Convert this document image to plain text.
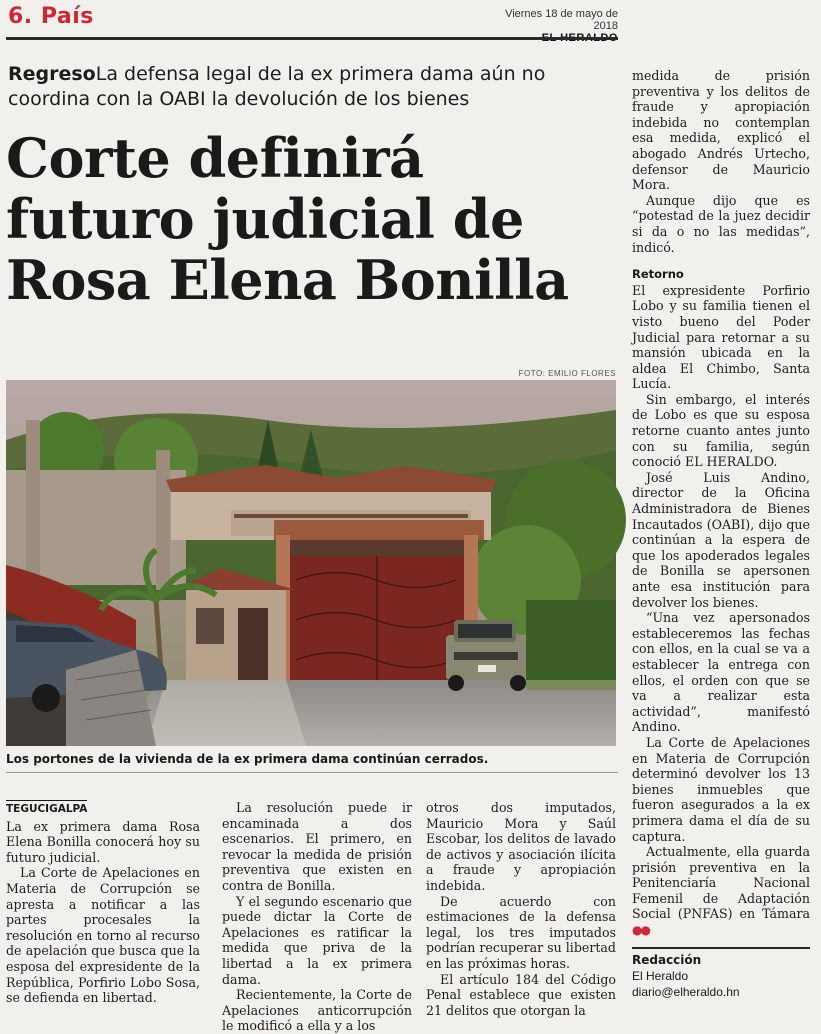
6. País	Viernes 18 de mayo de 2018
RegresoLa defensa legal de la ex primera dama aún no coordina con la OABI la devolución de los bienes
Corte definirá
futuro judicial de
Rosa Elena Bonilla
FOTO: EMILIO FLORES
Los portones de la vivienda de la ex primera dama continúan cerrados.
TEGUCIGALPA

La ex primera dama Rosa Elena Bonilla conocerá hoy su futuro judicial.

La Corte de Apelaciones en Materia de Corrupción se apresta a notificar a las partes procesales la resolución en torno al recurso de apelación que busca que la esposa del expresidente de la República, Porfirio Lobo Sosa, se defienda en libertad.

La resolución puede ir encaminada a dos escenarios. El primero, en revocar la medida de prisión preventiva que existen en contra de Bonilla.

Y el segundo escenario que puede dictar la Corte de Apelaciones es ratificar la medida que priva de la libertad a la ex primera dama.

Recientemente, la Corte de Apelaciones anticorrupción le modificó a ella y a los

otros dos imputados, Mauricio Mora y Saúl Escobar, los delitos de lavado de activos y asociación ilícita a fraude y apropiación indebida.

De acuerdo con estimaciones de la defensa legal, los tres imputados podrían recuperar su libertad en las próximas horas.

El artículo 184 del Código Penal establece que existen 21 delitos que otorgan la

medida de prisión preventiva y los delitos de fraude y apropiación indebida no contemplan esa medida, explicó el abogado Andrés Urtecho, defensor de Mauricio Mora.

Aunque dijo que es “potestad de la juez decidir si da o no las medidas”, indicó.

Retorno

El expresidente Porfirio Lobo y su familia tienen el visto bueno del Poder Judicial para retornar a su mansión ubicada en la aldea El Chimbo, Santa Lucía.

Sin embargo, el interés de Lobo es que su esposa retorne cuanto antes junto con su familia, según conoció EL HERALDO.

José Luis Andino, director de la Oficina Administradora de Bienes Incautados (OABI), dijo que continúan a la espera de que los apoderados legales de Bonilla se apersonen ante esa institución para devolver los bienes.

“Una vez apersonados estableceremos las fechas con ellos, en la cual se va a establecer la entrega con ellos, el orden con que se va a realizar esta actividad”, manifestó Andino.

La Corte de Apelaciones en Materia de Corrupción determinó devolver los 13 bienes inmuebles que fueron asegurados a la ex primera dama el día de su captura.

Actualmente, ella guarda prisión preventiva en la Penitenciaría Nacional Femenil de Adaptación Social (PNFAS) en Támara ●●

Redacción
El Heraldo
diario@elheraldo.hn
